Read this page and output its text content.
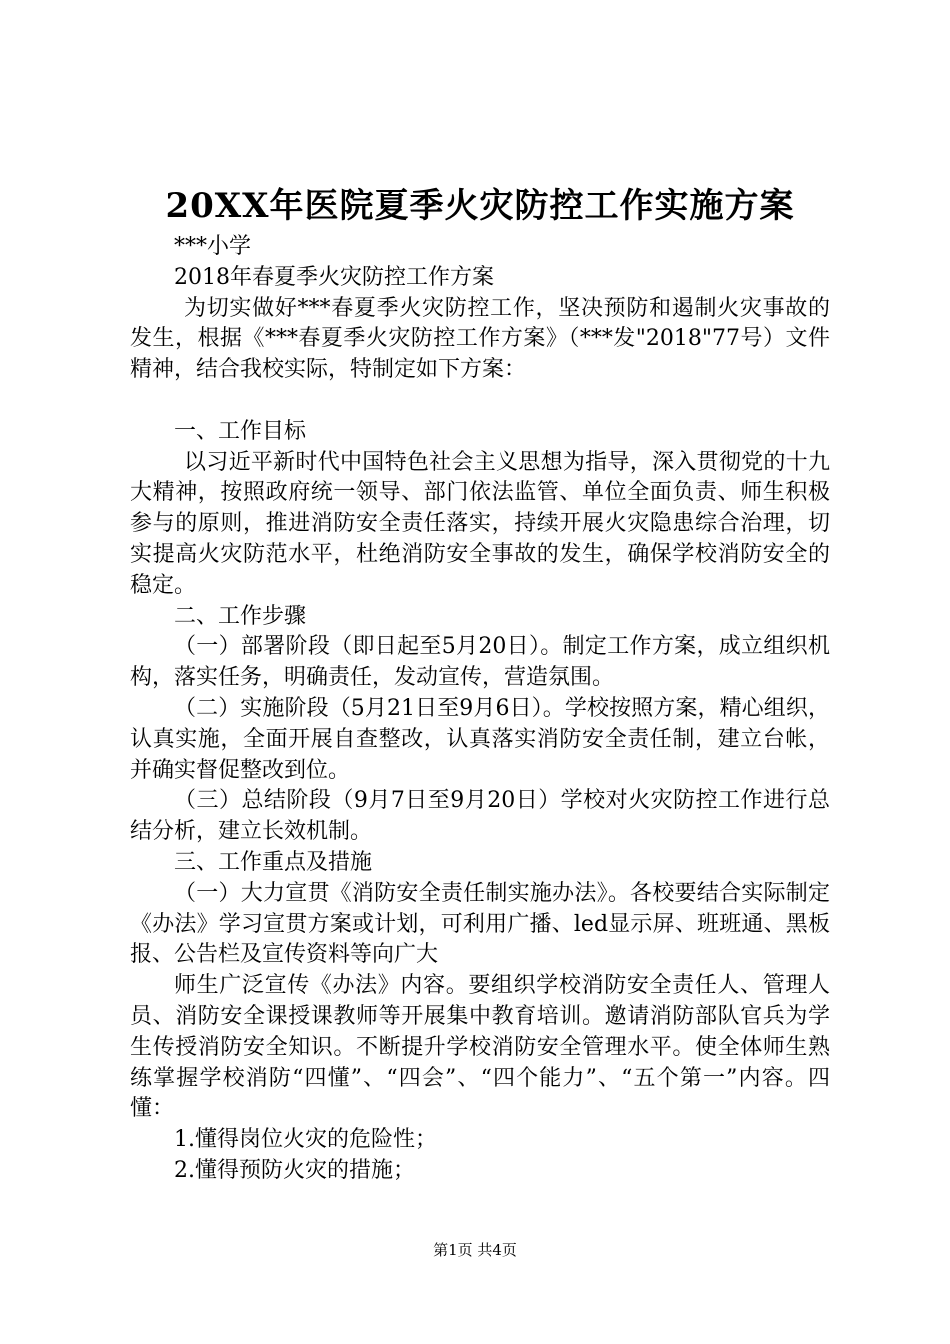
20XX年医院夏季火灾防控工作实施方案

***小学

2018年春夏季火灾防控工作方案

为切实做好***春夏季火灾防控工作，坚决预防和遏制火灾事故的发生，根据《***春夏季火灾防控工作方案》（***发"2018"77号）文件精神，结合我校实际，特制定如下方案：

一、工作目标

以习近平新时代中国特色社会主义思想为指导，深入贯彻党的十九大精神，按照政府统一领导、部门依法监管、单位全面负责、师生积极参与的原则，推进消防安全责任落实，持续开展火灾隐患综合治理，切实提高火灾防范水平，杜绝消防安全事故的发生，确保学校消防安全的稳定。

二、工作步骤

（一）部署阶段（即日起至5月20日）。制定工作方案，成立组织机构，落实任务，明确责任，发动宣传，营造氛围。

（二）实施阶段（5月21日至9月6日）。学校按照方案，精心组织，认真实施，全面开展自查整改，认真落实消防安全责任制，建立台帐，并确实督促整改到位。

（三）总结阶段（9月7日至9月20日）学校对火灾防控工作进行总结分析，建立长效机制。

三、工作重点及措施

（一）大力宣贯《消防安全责任制实施办法》。各校要结合实际制定《办法》学习宣贯方案或计划，可利用广播、led显示屏、班班通、黑板报、公告栏及宣传资料等向广大

师生广泛宣传《办法》内容。要组织学校消防安全责任人、管理人员、消防安全课授课教师等开展集中教育培训。邀请消防部队官兵为学生传授消防安全知识。不断提升学校消防安全管理水平。使全体师生熟练掌握学校消防“四懂”、“四会”、“四个能力”、“五个第一”内容。四懂：

1.懂得岗位火灾的危险性；

2.懂得预防火灾的措施；

第1页 共4页
